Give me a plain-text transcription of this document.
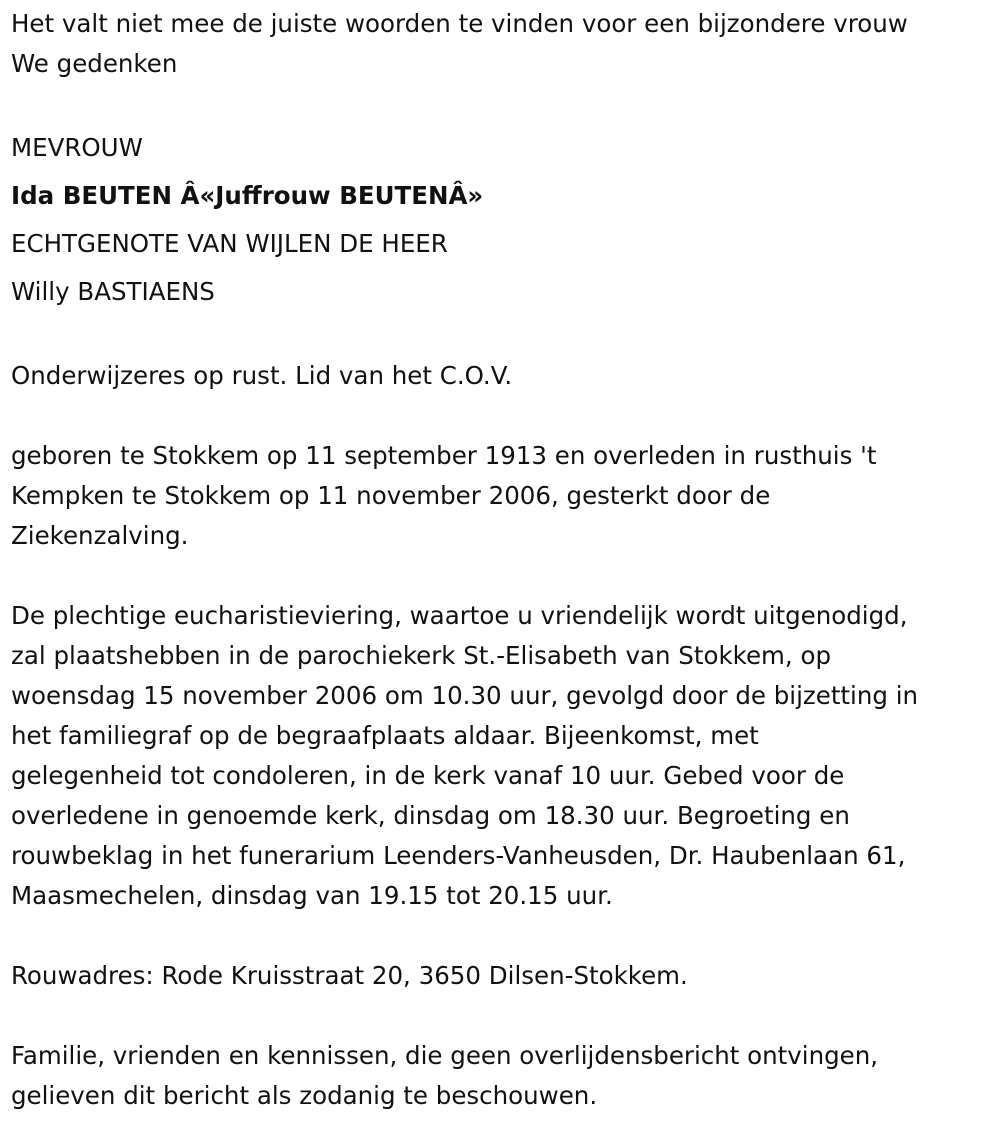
Het valt niet mee de juiste woorden te vinden voor een bijzondere vrouw
We gedenken
MEVROUW
Ida BEUTEN Â«Juffrouw BEUTENÂ»
ECHTGENOTE VAN WIJLEN DE HEER
Willy BASTIAENS
Onderwijzeres op rust. Lid van het C.O.V.
geboren te Stokkem op 11 september 1913 en overleden in rusthuis 't
Kempken te Stokkem op 11 november 2006, gesterkt door de
Ziekenzalving.
De plechtige eucharistieviering, waartoe u vriendelijk wordt uitgenodigd,
zal plaatshebben in de parochiekerk St.-Elisabeth van Stokkem, op
woensdag 15 november 2006 om 10.30 uur, gevolgd door de bijzetting in
het familiegraf op de begraafplaats aldaar. Bijeenkomst, met
gelegenheid tot condoleren, in de kerk vanaf 10 uur. Gebed voor de
overledene in genoemde kerk, dinsdag om 18.30 uur. Begroeting en
rouwbeklag in het funerarium Leenders-Vanheusden, Dr. Haubenlaan 61,
Maasmechelen, dinsdag van 19.15 tot 20.15 uur.
Rouwadres: Rode Kruisstraat 20, 3650 Dilsen-Stokkem.
Familie, vrienden en kennissen, die geen overlijdensbericht ontvingen,
gelieven dit bericht als zodanig te beschouwen.
